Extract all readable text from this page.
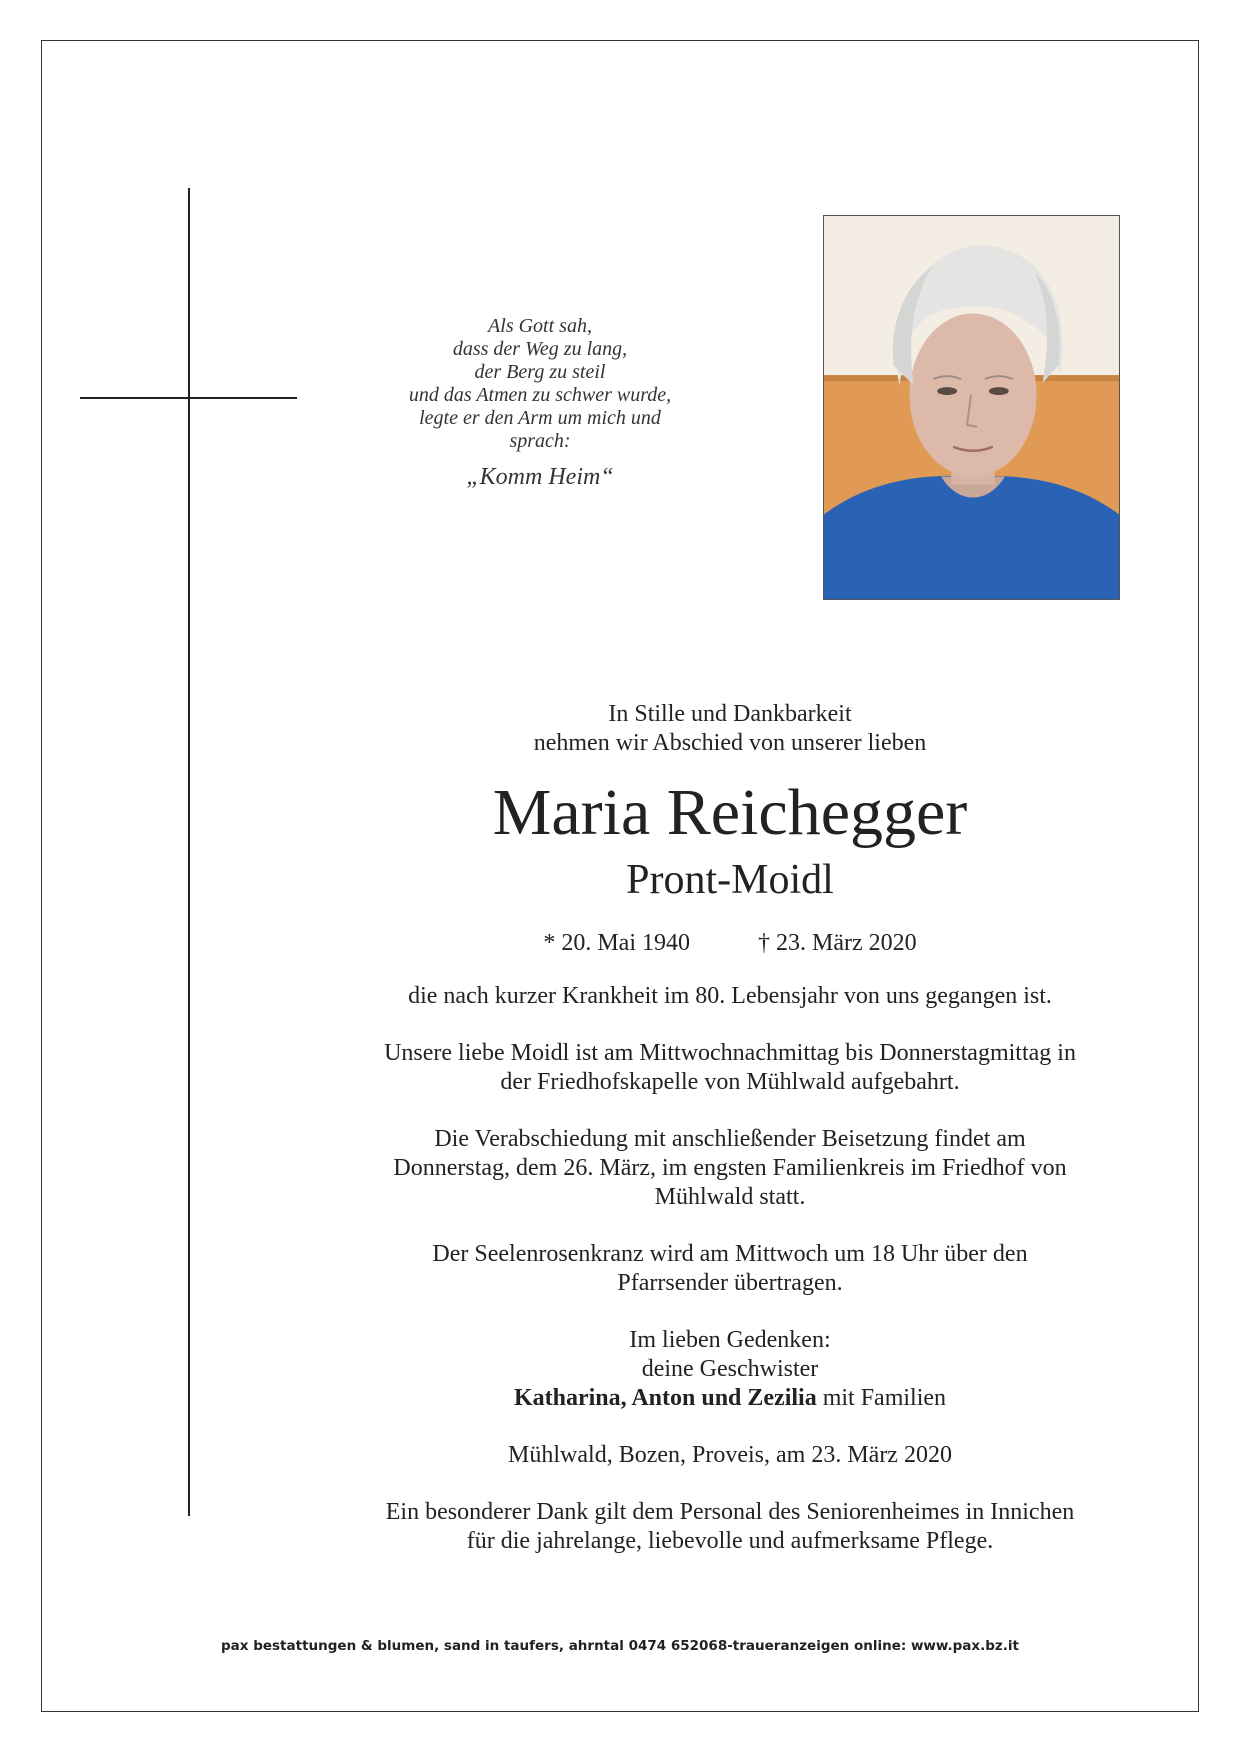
Als Gott sah,
dass der Weg zu lang,
der Berg zu steil
und das Atmen zu schwer wurde,
legte er den Arm um mich und
sprach:
„Komm Heim“
In Stille und Dankbarkeit
nehmen wir Abschied von unserer lieben
Maria Reichegger
Pront-Moidl
* 20. Mai 1940	† 23. März 2020
die nach kurzer Krankheit im 80. Lebensjahr von uns gegangen ist.
Unsere liebe Moidl ist am Mittwochnachmittag bis Donnerstagmittag in
der Friedhofskapelle von Mühlwald aufgebahrt.
Die Verabschiedung mit anschließender Beisetzung findet am
Donnerstag, dem 26. März, im engsten Familienkreis im Friedhof von
Mühlwald statt.
Der Seelenrosenkranz wird am Mittwoch um 18 Uhr über den
Pfarrsender übertragen.
Im lieben Gedenken:
deine Geschwister
Katharina, Anton und Zezilia mit Familien
Mühlwald, Bozen, Proveis, am 23. März 2020
Ein besonderer Dank gilt dem Personal des Seniorenheimes in Innichen
für die jahrelange, liebevolle und aufmerksame Pflege.
pax bestattungen & blumen, sand in taufers, ahrntal 0474 652068-traueranzeigen online: www.pax.bz.it
